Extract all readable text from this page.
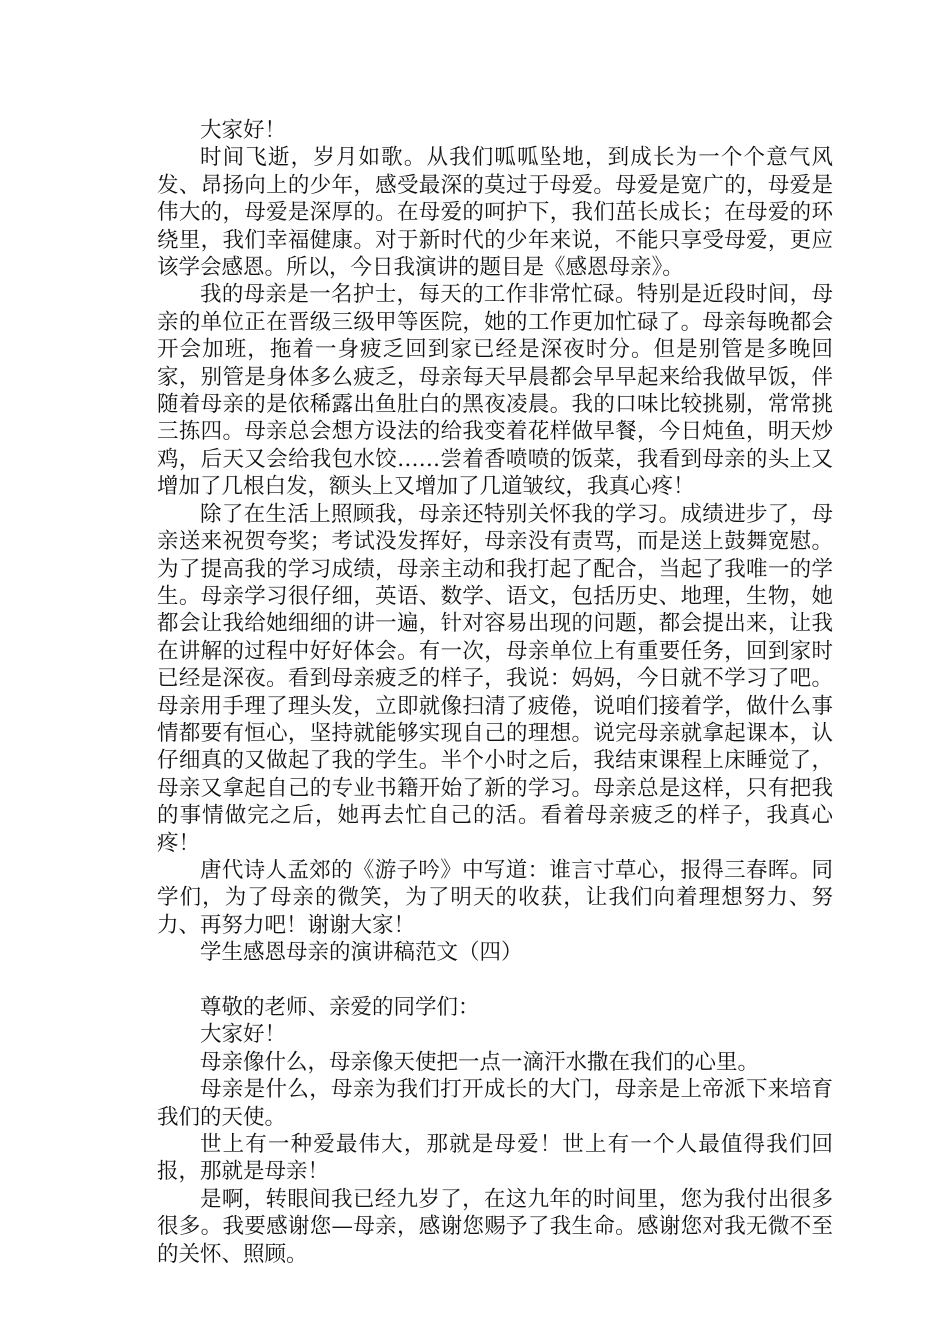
大家好！

时间飞逝，岁月如歌。从我们呱呱坠地，到成长为一个个意气风发、昂扬向上的少年，感受最深的莫过于母爱。母爱是宽广的，母爱是伟大的，母爱是深厚的。在母爱的呵护下，我们茁长成长；在母爱的环绕里，我们幸福健康。对于新时代的少年来说，不能只享受母爱，更应该学会感恩。所以，今日我演讲的题目是《感恩母亲》。

我的母亲是一名护士，每天的工作非常忙碌。特别是近段时间，母亲的单位正在晋级三级甲等医院，她的工作更加忙碌了。母亲每晚都会开会加班，拖着一身疲乏回到家已经是深夜时分。但是别管是多晚回家，别管是身体多么疲乏，母亲每天早晨都会早早起来给我做早饭，伴随着母亲的是依稀露出鱼肚白的黑夜凌晨。我的口味比较挑剔，常常挑三拣四。母亲总会想方设法的给我变着花样做早餐，今日炖鱼，明天炒鸡，后天又会给我包水饺……尝着香喷喷的饭菜，我看到母亲的头上又增加了几根白发，额头上又增加了几道皱纹，我真心疼！

除了在生活上照顾我，母亲还特别关怀我的学习。成绩进步了，母亲送来祝贺夸奖；考试没发挥好，母亲没有责骂，而是送上鼓舞宽慰。为了提高我的学习成绩，母亲主动和我打起了配合，当起了我唯一的学生。母亲学习很仔细，英语、数学、语文，包括历史、地理，生物，她都会让我给她细细的讲一遍，针对容易出现的问题，都会提出来，让我在讲解的过程中好好体会。有一次，母亲单位上有重要任务，回到家时已经是深夜。看到母亲疲乏的样子，我说：妈妈，今日就不学习了吧。母亲用手理了理头发，立即就像扫清了疲倦，说咱们接着学，做什么事情都要有恒心，坚持就能够实现自己的理想。说完母亲就拿起课本，认仔细真的又做起了我的学生。半个小时之后，我结束课程上床睡觉了，母亲又拿起自己的专业书籍开始了新的学习。母亲总是这样，只有把我的事情做完之后，她再去忙自己的活。看着母亲疲乏的样子，我真心疼！

唐代诗人孟郊的《游子吟》中写道：谁言寸草心，报得三春晖。同学们，为了母亲的微笑，为了明天的收获，让我们向着理想努力、努力、再努力吧！谢谢大家！

学生感恩母亲的演讲稿范文（四）

尊敬的老师、亲爱的同学们：

大家好！

母亲像什么，母亲像天使把一点一滴汗水撒在我们的心里。

母亲是什么，母亲为我们打开成长的大门，母亲是上帝派下来培育我们的天使。

世上有一种爱最伟大，那就是母爱！世上有一个人最值得我们回报，那就是母亲！

是啊，转眼间我已经九岁了，在这九年的时间里，您为我付出很多很多。我要感谢您—母亲，感谢您赐予了我生命。感谢您对我无微不至的关怀、照顾。
